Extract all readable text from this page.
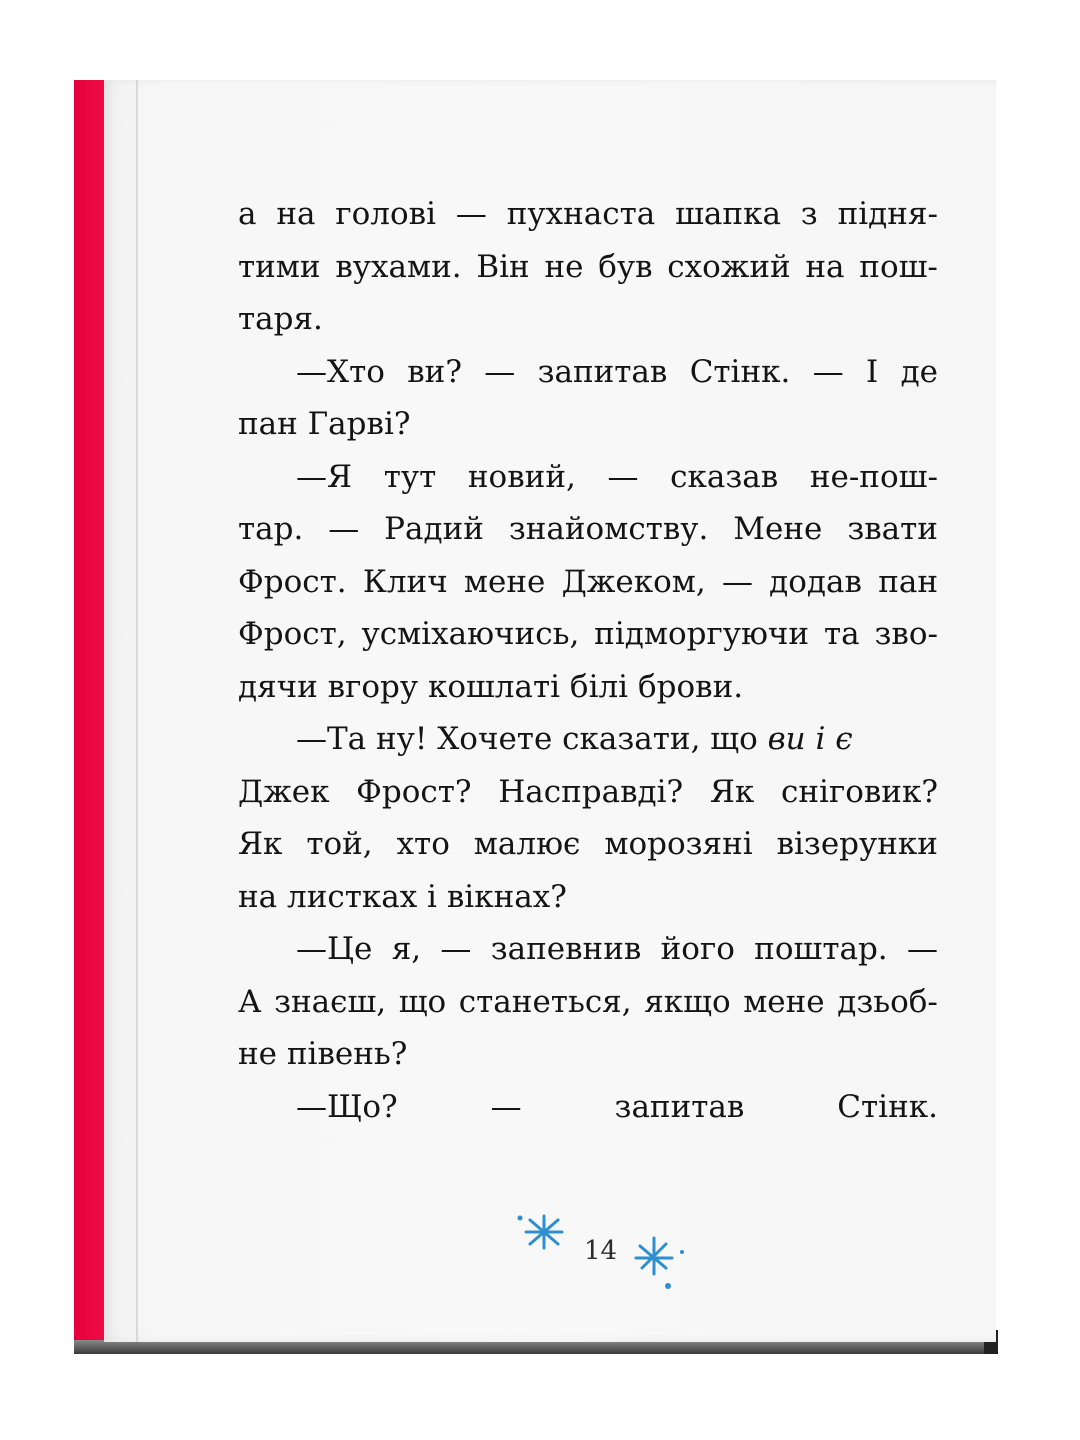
а на голові — пухнаста шапка з підня-
тими вухами. Він не був схожий на пош-
таря.
—Хто ви? — запитав Стінк. — І де
пан Гарві?
—Я тут новий, — сказав не-пош-
тар. — Радий знайомству. Мене звати
Фрост. Клич мене Джеком, — додав пан
Фрост, усміхаючись, підморгуючи та зво-
дячи вгору кошлаті білі брови.
—Та ну! Хочете сказати, що
ви і є
Джек Фрост? Насправді? Як сніговик?
Як той, хто малює морозяні візерунки
на листках і вікнах?
—Це я, — запевнив його поштар. —
А знаєш, що станеться, якщо мене дзьоб-
не півень?
—Що?	—	запитав	Стінк.
14
